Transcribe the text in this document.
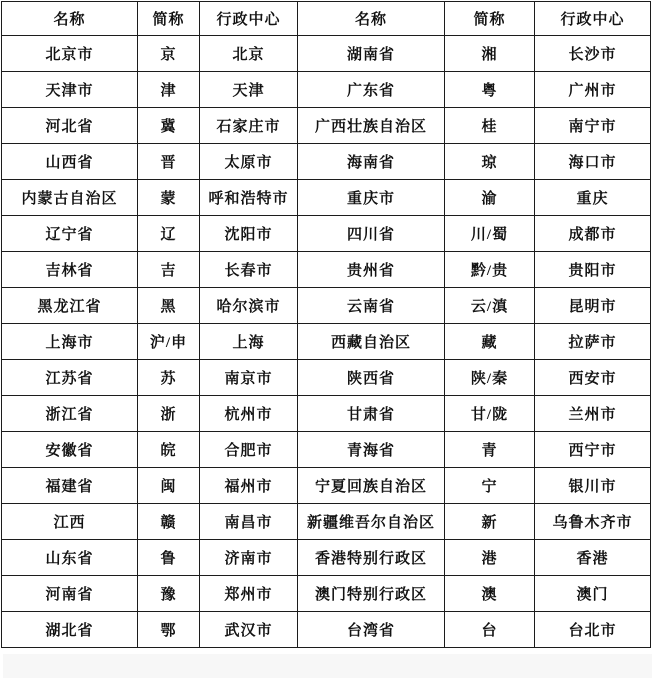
名称	简称	行政中心	名称	简称	行政中心
北京市	京	北京	湖南省	湘	长沙市
天津市	津	天津	广东省	粤	广州市
河北省	冀	石家庄市	广西壮族自治区	桂	南宁市
山西省	晋	太原市	海南省	琼	海口市
内蒙古自治区	蒙	呼和浩特市	重庆市	渝	重庆
辽宁省	辽	沈阳市	四川省	川/蜀	成都市
吉林省	吉	长春市	贵州省	黔/贵	贵阳市
黑龙江省	黑	哈尔滨市	云南省	云/滇	昆明市
上海市	沪/申	上海	西藏自治区	藏	拉萨市
江苏省	苏	南京市	陕西省	陕/秦	西安市
浙江省	浙	杭州市	甘肃省	甘/陇	兰州市
安徽省	皖	合肥市	青海省	青	西宁市
福建省	闽	福州市	宁夏回族自治区	宁	银川市
江西	赣	南昌市	新疆维吾尔自治区	新	乌鲁木齐市
山东省	鲁	济南市	香港特别行政区	港	香港
河南省	豫	郑州市	澳门特别行政区	澳	澳门
湖北省	鄂	武汉市	台湾省	台	台北市
